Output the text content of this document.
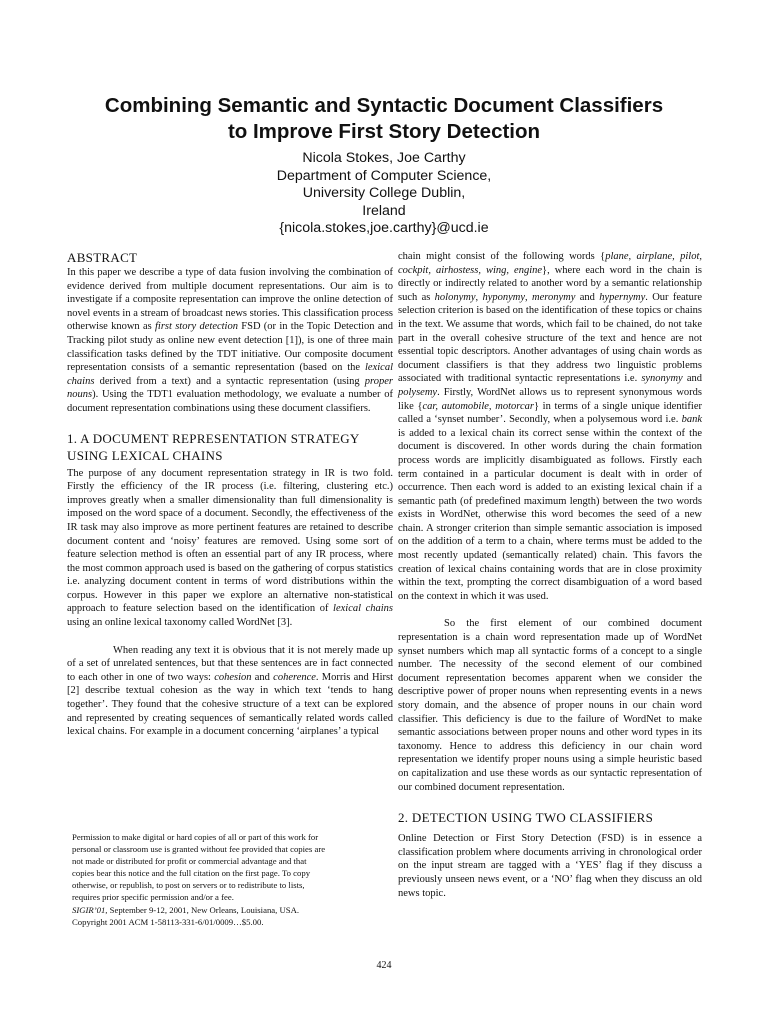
Combining Semantic and Syntactic Document Classifiers
to Improve First Story Detection
Nicola Stokes, Joe Carthy
Department of Computer Science,
University College Dublin,
Ireland
{nicola.stokes,joe.carthy}@ucd.ie
ABSTRACT

In this paper we describe a type of data fusion involving the combination of evidence derived from multiple document representations. Our aim is to investigate if a composite representation can improve the online detection of novel events in a stream of broadcast news stories. This classification process otherwise known as first story detection FSD (or in the Topic Detection and Tracking pilot study as online new event detection [1]), is one of three main classification tasks defined by the TDT initiative. Our composite document representation consists of a semantic representation (based on the lexical chains derived from a text) and a syntactic representation (using proper nouns). Using the TDT1 evaluation methodology, we evaluate a number of document representation combinations using these document classifiers.

1. A DOCUMENT REPRESENTATION STRATEGY USING LEXICAL CHAINS

The purpose of any document representation strategy in IR is two fold. Firstly the efficiency of the IR process (i.e. filtering, clustering etc.) improves greatly when a smaller dimensionality than full dimensionality is imposed on the word space of a document. Secondly, the effectiveness of the IR task may also improve as more pertinent features are retained to describe document content and ‘noisy’ features are removed. Using some sort of feature selection method is often an essential part of any IR process, where the most common approach used is based on the gathering of corpus statistics i.e. analyzing document content in terms of word distributions within the corpus. However in this paper we explore an alternative non-statistical approach to feature selection based on the identification of lexical chains using an online lexical taxonomy called WordNet [3].

When reading any text it is obvious that it is not merely made up of a set of unrelated sentences, but that these sentences are in fact connected to each other in one of two ways: cohesion and coherence. Morris and Hirst [2] describe textual cohesion as the way in which text ‘tends to hang together’. They found that the cohesive structure of a text can be explored and represented by creating sequences of semantically related words called lexical chains. For example in a document concerning ‘airplanes’ a typical

chain might consist of the following words {plane, airplane, pilot, cockpit, airhostess, wing, engine}, where each word in the chain is directly or indirectly related to another word by a semantic relationship such as holonymy, hyponymy, meronymy and hypernymy. Our feature selection criterion is based on the identification of these topics or chains in the text. We assume that words, which fail to be chained, do not take part in the overall cohesive structure of the text and hence are not essential topic descriptors. Another advantages of using chain words as document classifiers is that they address two linguistic problems associated with traditional syntactic representations i.e. synonymy and polysemy. Firstly, WordNet allows us to represent synonymous words like {car, automobile, motorcar} in terms of a single unique identifier called a ‘synset number’. Secondly, when a polysemous word i.e. bank is added to a lexical chain its correct sense within the context of the document is discovered. In other words during the chain formation process words are implicitly disambiguated as follows. Firstly each term contained in a particular document is dealt with in order of occurrence. Then each word is added to an existing lexical chain if a semantic path (of predefined maximum length) between the two words exists in WordNet, otherwise this word becomes the seed of a new chain. A stronger criterion than simple semantic association is imposed on the addition of a term to a chain, where terms must be added to the most recently updated (semantically related) chain. This favors the creation of lexical chains containing words that are in close proximity within the text, prompting the correct disambiguation of a word based on the context in which it was used.

So the first element of our combined document representation is a chain word representation made up of WordNet synset numbers which map all syntactic forms of a concept to a single number. The necessity of the second element of our combined document representation becomes apparent when we consider the descriptive power of proper nouns when representing events in a news story domain, and the absence of proper nouns in our chain word classifier. This deficiency is due to the failure of WordNet to make semantic associations between proper nouns and other word types in its taxonomy. Hence to address this deficiency in our chain word representation we identify proper nouns using a simple heuristic based on capitalization and use these words as our syntactic representation of our combined document representation.

2. DETECTION USING TWO CLASSIFIERS

Online Detection or First Story Detection (FSD) is in essence a classification problem where documents arriving in chronological order on the input stream are tagged with a ‘YES’ flag if they discuss a previously unseen news event, or a ‘NO’ flag when they discuss an old news topic.

Permission to make digital or hard copies of all or part of this work for
personal or classroom use is granted without fee provided that copies are
not made or distributed for profit or commercial advantage and that
copies bear this notice and the full citation on the first page. To copy
otherwise, or republish, to post on servers or to redistribute to lists,
requires prior specific permission and/or a fee.
SIGIR’01, September 9-12, 2001, New Orleans, Louisiana, USA.
Copyright 2001 ACM 1-58113-331-6/01/0009…$5.00.
424
